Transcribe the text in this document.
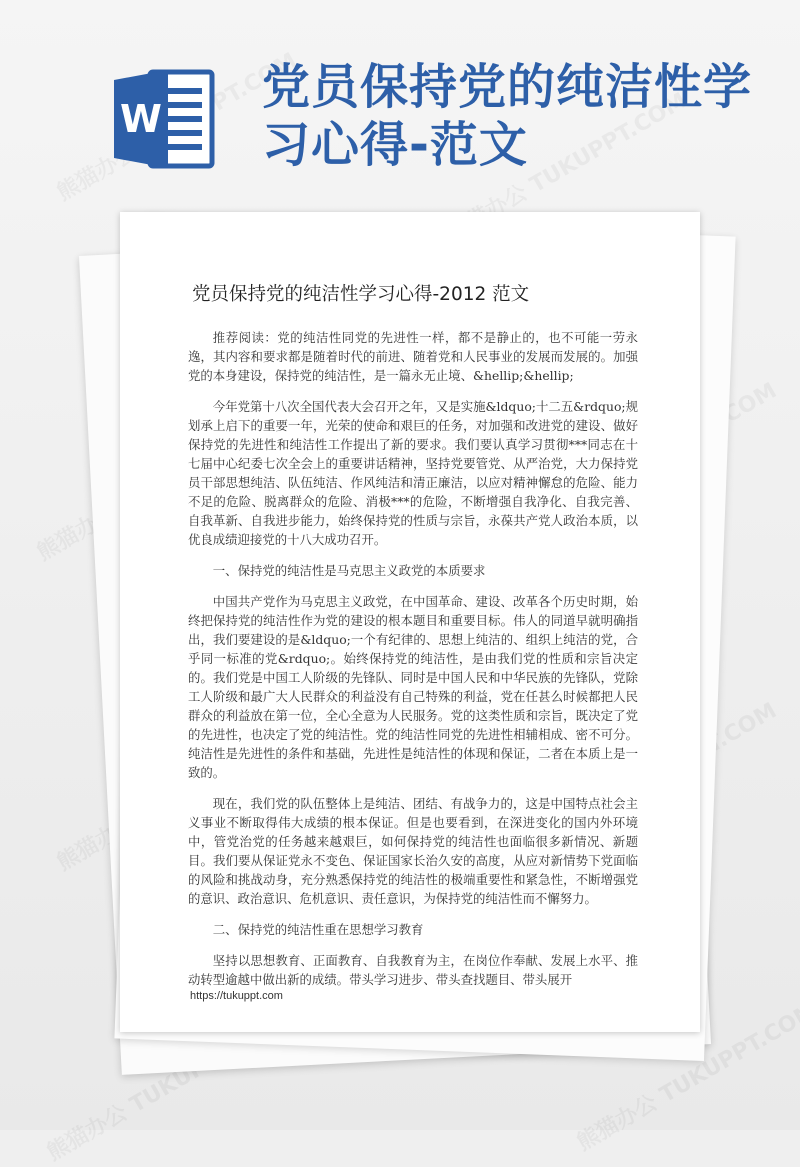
W
党员保持党的纯洁性学习心得-范文
党员保持党的纯洁性学习心得-2012 范文

推荐阅读：党的纯洁性同党的先进性一样，都不是静止的，也不可能一劳永逸，其内容和要求都是随着时代的前进、随着党和人民事业的发展而发展的。加强党的本身建设，保持党的纯洁性，是一篇永无止境、&hellip;&hellip;

今年党第十八次全国代表大会召开之年，又是实施&ldquo;十二五&rdquo;规划承上启下的重要一年，光荣的使命和艰巨的任务，对加强和改进党的建设、做好保持党的先进性和纯洁性工作提出了新的要求。我们要认真学习贯彻***同志在十七届中心纪委七次全会上的重要讲话精神，坚持党要管党、从严治党，大力保持党员干部思想纯洁、队伍纯洁、作风纯洁和清正廉洁，以应对精神懈怠的危险、能力不足的危险、脱离群众的危险、消极***的危险，不断增强自我净化、自我完善、自我革新、自我进步能力，始终保持党的性质与宗旨，永葆共产党人政治本质，以优良成绩迎接党的十八大成功召开。

一、保持党的纯洁性是马克思主义政党的本质要求

中国共产党作为马克思主义政党，在中国革命、建设、改革各个历史时期，始终把保持党的纯洁性作为党的建设的根本题目和重要目标。伟人的同道早就明确指出，我们要建设的是&ldquo;一个有纪律的、思想上纯洁的、组织上纯洁的党，合乎同一标准的党&rdquo;。始终保持党的纯洁性，是由我们党的性质和宗旨决定的。我们党是中国工人阶级的先锋队、同时是中国人民和中华民族的先锋队，党除工人阶级和最广大人民群众的利益没有自己特殊的利益，党在任甚么时候都把人民群众的利益放在第一位，全心全意为人民服务。党的这类性质和宗旨，既决定了党的先进性，也决定了党的纯洁性。党的纯洁性同党的先进性相辅相成、密不可分。纯洁性是先进性的条件和基础，先进性是纯洁性的体现和保证，二者在本质上是一致的。

现在，我们党的队伍整体上是纯洁、团结、有战争力的，这是中国特点社会主义事业不断取得伟大成绩的根本保证。但是也要看到，在深进变化的国内外环境中，管党治党的任务越来越艰巨，如何保持党的纯洁性也面临很多新情况、新题目。我们要从保证党永不变色、保证国家长治久安的高度，从应对新情势下党面临的风险和挑战动身，充分熟悉保持党的纯洁性的极端重要性和紧急性，不断增强党的意识、政治意识、危机意识、责任意识，为保持党的纯洁性而不懈努力。

二、保持党的纯洁性重在思想学习教育

坚持以思想教育、正面教育、自我教育为主，在岗位作奉献、发展上水平、推动转型逾越中做出新的成绩。带头学习进步、带头查找题目、带头展开

https://tukuppt.com
